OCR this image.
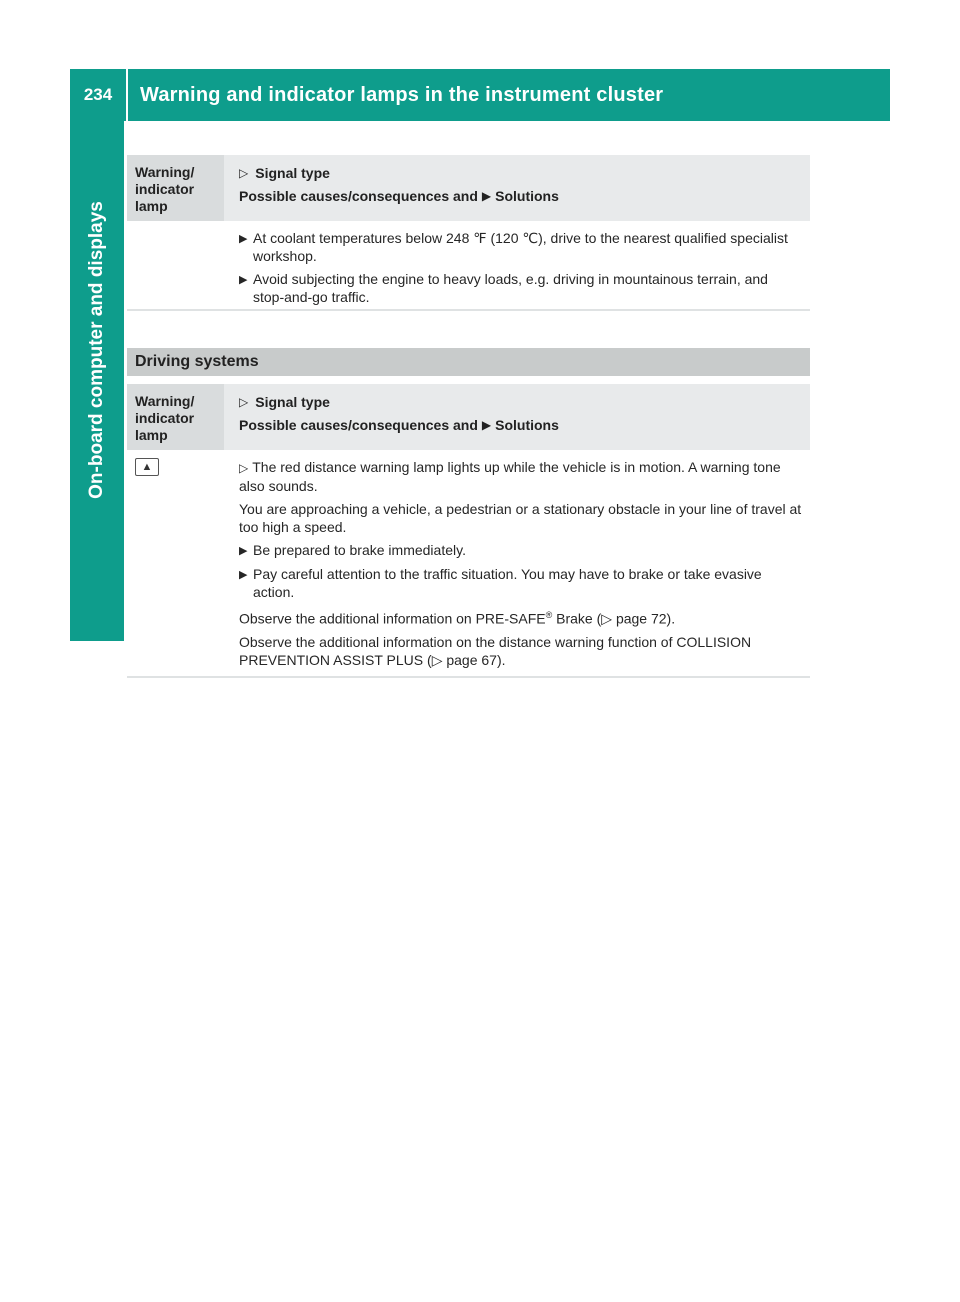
234	Warning and indicator lamps in the instrument cluster
On-board computer and displays
Warning/ indicator lamp
▷ Signal type
Possible causes/consequences and ▶ Solutions
▶ At coolant temperatures below 248 ℉ (120 ℃), drive to the nearest qualified specialist workshop.
▶ Avoid subjecting the engine to heavy loads, e.g. driving in mountainous terrain, and stop-and-go traffic.
Driving systems
Warning/ indicator lamp
▷ Signal type
Possible causes/consequences and ▶ Solutions
▲	▷ The red distance warning lamp lights up while the vehicle is in motion. A warning tone also sounds.
You are approaching a vehicle, a pedestrian or a stationary obstacle in your line of travel at too high a speed.
▶ Be prepared to brake immediately.
▶ Pay careful attention to the traffic situation. You may have to brake or take evasive action.
Observe the additional information on PRE-SAFE® Brake (▷ page 72).
Observe the additional information on the distance warning function of COLLISION PREVENTION ASSIST PLUS (▷ page 67).
